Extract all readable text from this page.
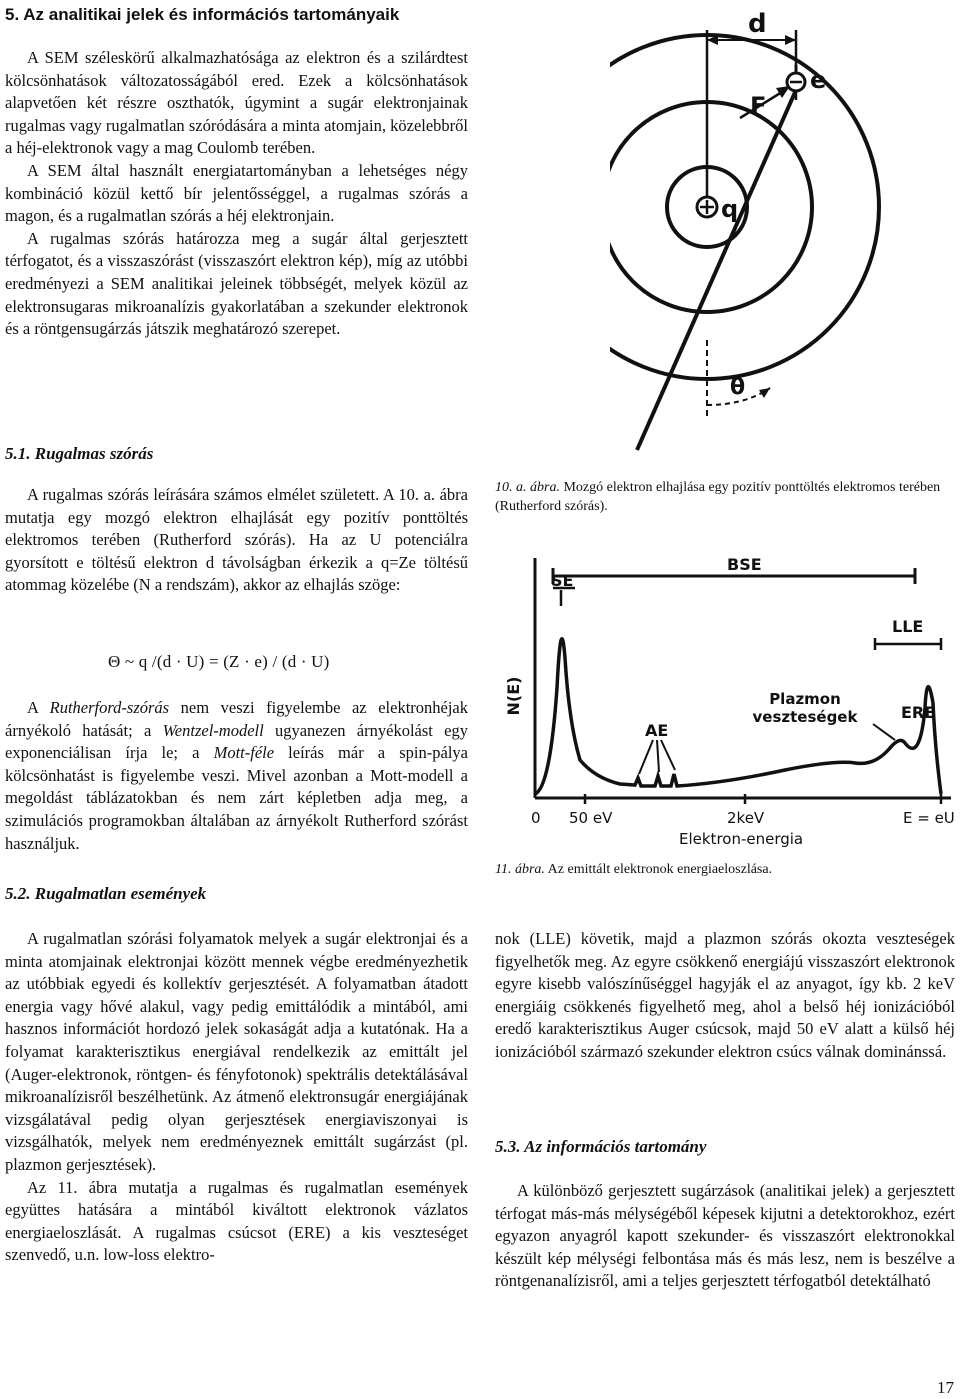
5. Az analitikai jelek és információs tartományaik

A SEM széleskörű alkalmazhatósága az elektron és a szilárdtest kölcsönhatások változatosságából ered. Ezek a kölcsönhatások alapvetően két részre oszthatók, úgymint a sugár elektronjainak rugalmas vagy rugalmatlan szóródására a minta atomjain, közelebbről a héj-elektronok vagy a mag Coulomb terében.

A SEM által használt energiatartományban a lehetséges négy kombináció közül kettő bír jelentősséggel, a rugalmas szórás a magon, és a rugalmatlan szórás a héj elektronjain.

A rugalmas szórás határozza meg a sugár által gerjesztett térfogatot, és a visszaszórást (visszaszórt elektron kép), míg az utóbbi eredményezi a SEM analitikai jeleinek többségét, melyek közül az elektronsugaras mikroanalízis gyakorlatában a szekunder elektronok és a röntgensugárzás játszik meghatározó szerepet.

5.1. Rugalmas szórás

A rugalmas szórás leírására számos elmélet született. A 10. a. ábra mutatja egy mozgó elektron elhajlását egy pozitív ponttöltés elektromos terében (Rutherford szórás). Ha az U potenciálra gyorsított e töltésű elektron d távolságban érkezik a q=Ze töltésű atommag közelébe (N a rendszám), akkor az elhajlás szöge:

Θ ~ q /(d · U) = (Z · e) / (d · U)

A Rutherford-szórás nem veszi figyelembe az elektronhéjak árnyékoló hatását; a Wentzel-modell ugyanezen árnyékolást egy exponenciálisan írja le; a Mott-féle leírás már a spin-pálya kölcsönhatást is figyelembe veszi. Mivel azonban a Mott-modell a megoldást táblázatokban és nem zárt képletben adja meg, a szimulációs programokban általában az árnyékolt Rutherford szórást használjuk.

5.2. Rugalmatlan események

A rugalmatlan szórási folyamatok melyek a sugár elektronjai és a minta atomjainak elektronjai között mennek végbe eredményezhetik az utóbbiak egyedi és kollektív gerjesztését. A folyamatban átadott energia vagy hővé alakul, vagy pedig emittálódik a mintából, ami hasznos információt hordozó jelek sokaságát adja a kutatónak. Ha a folyamat karakterisztikus energiával rendelkezik az emittált jel (Auger-elektronok, röntgen- és fényfotonok) spektrális detektálásával mikroanalízisről beszélhetünk. Az átmenő elektronsugár energiájának vizsgálatával pedig olyan gerjesztések energiaviszonyai is vizsgálhatók, melyek nem eredményeznek emittált sugárzást (pl. plazmon gerjesztések).

Az 11. ábra mutatja a rugalmas és rugalmatlan események együttes hatására a mintából kiváltott elektronok vázlatos energiaeloszlását. A rugalmas csúcsot (ERE) a kis veszteséget szenvedő, u.n. low-loss elektro-

nok (LLE) követik, majd a plazmon szórás okozta veszteségek figyelhetők meg. Az egyre csökkenő energiájú visszaszórt elektronok egyre kisebb valószínűséggel hagyják el az anyagot, így kb. 2 keV energiáig csökkenés figyelhető meg, ahol a belső héj ionizációból eredő karakterisztikus Auger csúcsok, majd 50 eV alatt a külső héj ionizációból származó szekunder elektron csúcs válnak dominánssá.

5.3. Az információs tartomány

A különböző gerjesztett sugárzások (analitikai jelek) a gerjesztett térfogat más-más mélységéből képesek kijutni a detektorokhoz, ezért egyazon anyagról kapott szekunder- és visszaszórt elektronokkal készült kép mélységi felbontása más és más lesz, nem is beszélve a röntgenanalízisről, ami a teljes gerjesztett térfogatból detektálható

d
e
F
q
θ
10. a. ábra. Mozgó elektron elhajlása egy pozitív ponttöltés elektromos terében (Rutherford szórás).
SE
BSE
LLE
AE
Plazmon veszteségek	ERE
N(E)
0 50 eV	2keV	E = eU
Elektron-energia
11. ábra. Az emittált elektronok energiaeloszlása.
17
